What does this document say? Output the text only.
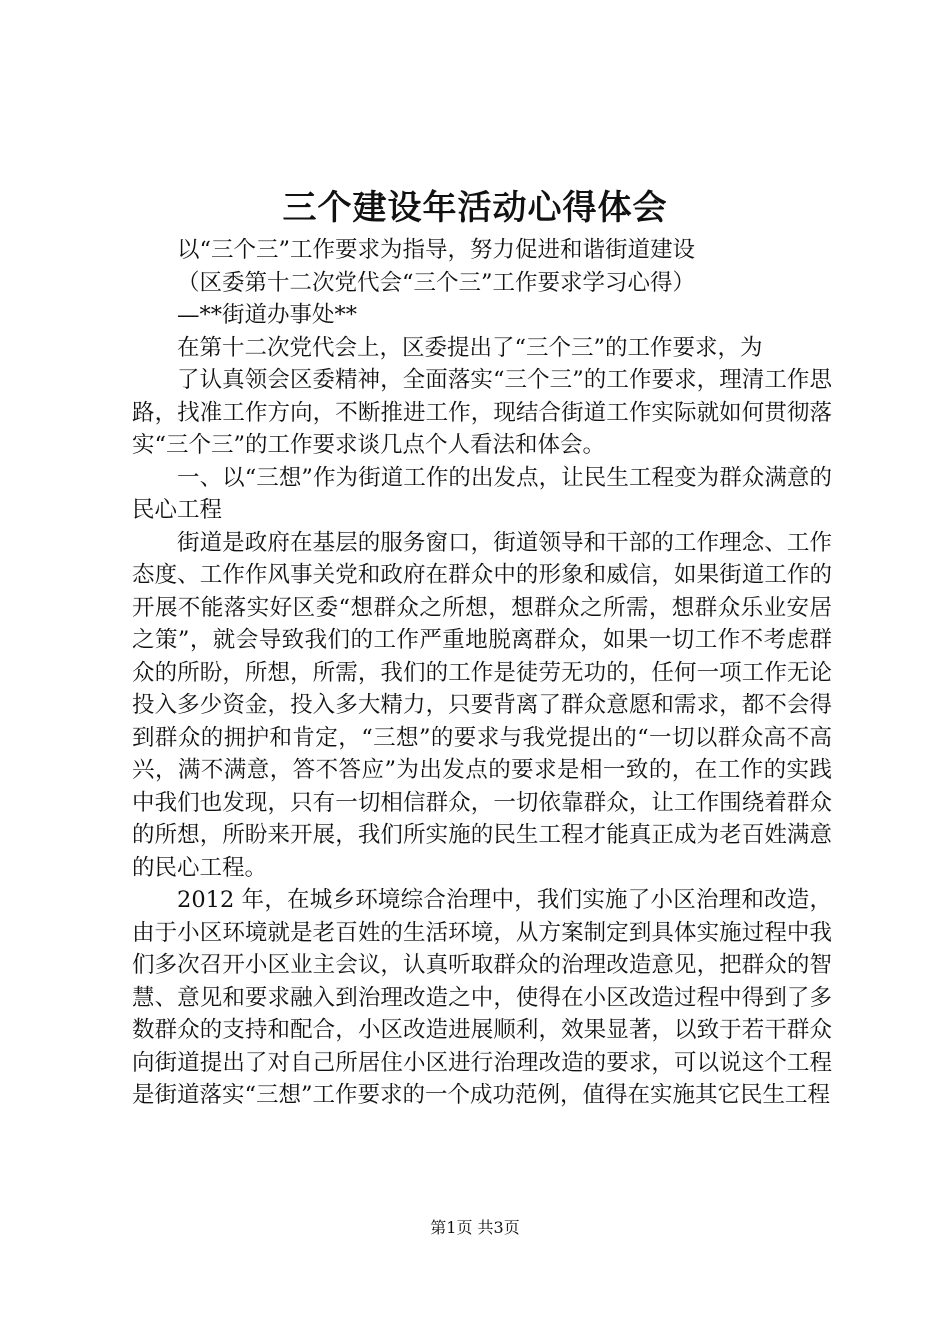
三个建设年活动心得体会

以“三个三”工作要求为指导，努力促进和谐街道建设

（区委第十二次党代会“三个三”工作要求学习心得）

—**街道办事处**

在第十二次党代会上，区委提出了“三个三”的工作要求，为

了认真领会区委精神，全面落实“三个三”的工作要求，理清工作思路，找准工作方向，不断推进工作，现结合街道工作实际就如何贯彻落实“三个三”的工作要求谈几点个人看法和体会。

一、以“三想”作为街道工作的出发点，让民生工程变为群众满意的民心工程

街道是政府在基层的服务窗口，街道领导和干部的工作理念、工作态度、工作作风事关党和政府在群众中的形象和威信，如果街道工作的开展不能落实好区委“想群众之所想，想群众之所需，想群众乐业安居之策”，就会导致我们的工作严重地脱离群众，如果一切工作不考虑群众的所盼，所想，所需，我们的工作是徒劳无功的，任何一项工作无论投入多少资金，投入多大精力，只要背离了群众意愿和需求，都不会得到群众的拥护和肯定，“三想”的要求与我党提出的“一切以群众高不高兴，满不满意，答不答应”为出发点的要求是相一致的，在工作的实践中我们也发现，只有一切相信群众，一切依靠群众，让工作围绕着群众的所想，所盼来开展，我们所实施的民生工程才能真正成为老百姓满意的民心工程。

2012 年，在城乡环境综合治理中，我们实施了小区治理和改造，由于小区环境就是老百姓的生活环境，从方案制定到具体实施过程中我们多次召开小区业主会议，认真听取群众的治理改造意见，把群众的智慧、意见和要求融入到治理改造之中，使得在小区改造过程中得到了多数群众的支持和配合，小区改造进展顺利，效果显著，以致于若干群众向街道提出了对自己所居住小区进行治理改造的要求，可以说这个工程是街道落实“三想”工作要求的一个成功范例，值得在实施其它民生工程

第1页 共3页
